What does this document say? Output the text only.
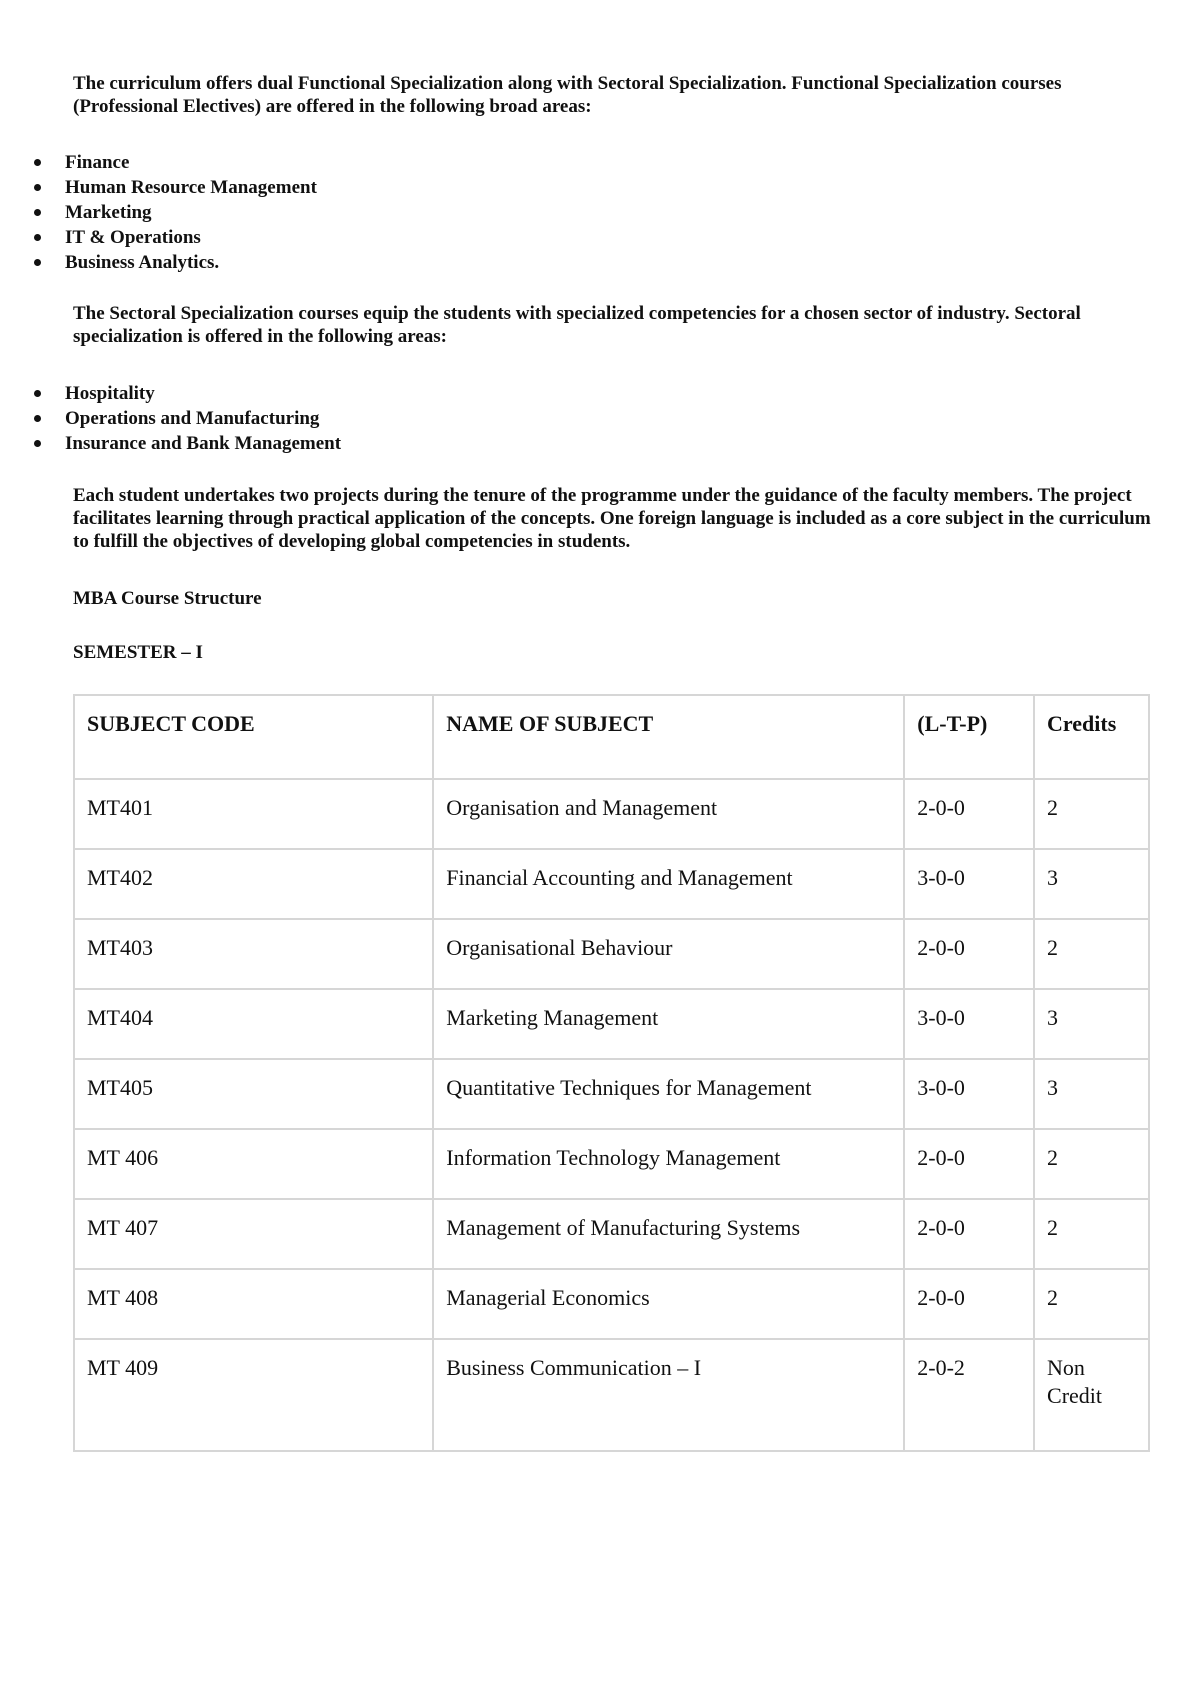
The curriculum offers dual Functional Specialization along with Sectoral Specialization. Functional Specialization courses (Professional Electives) are offered in the following broad areas:

Finance
Human Resource Management
Marketing
IT & Operations
Business Analytics.

The Sectoral Specialization courses equip the students with specialized competencies for a chosen sector of industry. Sectoral specialization is offered in the following areas:

Hospitality
Operations and Manufacturing
Insurance and Bank Management

Each student undertakes two projects during the tenure of the programme under the guidance of the faculty members. The project facilitates learning through practical application of the concepts. One foreign language is included as a core subject in the curriculum to fulfill the objectives of developing global competencies in students.

MBA Course Structure

SEMESTER – I

SUBJECT CODE	NAME OF SUBJECT	(L-T-P)	Credits
MT401	Organisation and Management	2-0-0	2
MT402	Financial Accounting and Management	3-0-0	3
MT403	Organisational Behaviour	2-0-0	2
MT404	Marketing Management	3-0-0	3
MT405	Quantitative Techniques for Management	3-0-0	3
MT 406	Information Technology Management	2-0-0	2
MT 407	Management of Manufacturing Systems	2-0-0	2
MT 408	Managerial Economics	2-0-0	2
MT 409	Business Communication – I	2-0-2	Non Credit
